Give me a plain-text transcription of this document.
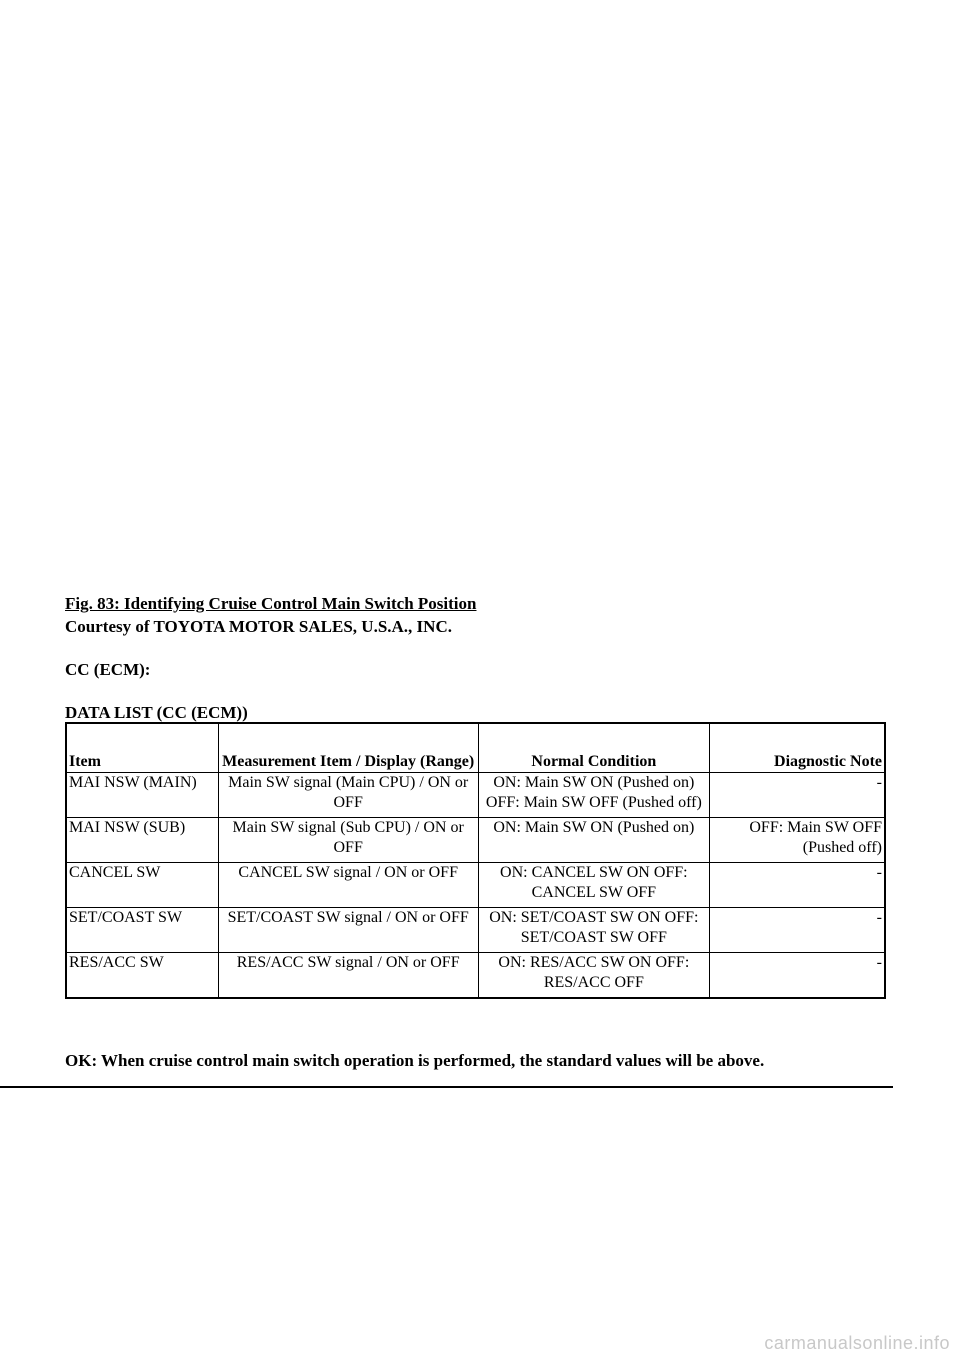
Fig. 83: Identifying Cruise Control Main Switch Position

Courtesy of TOYOTA MOTOR SALES, U.S.A., INC.

CC (ECM):

DATA LIST (CC (ECM))

Item	Measurement Item / Display (Range)	Normal Condition	Diagnostic Note
MAI NSW (MAIN)	Main SW signal (Main CPU) / ON or OFF	ON: Main SW ON (Pushed on) OFF: Main SW OFF (Pushed off)	-
MAI NSW (SUB)	Main SW signal (Sub CPU) / ON or OFF	ON: Main SW ON (Pushed on)	OFF: Main SW OFF (Pushed off)
CANCEL SW	CANCEL SW signal / ON or OFF	ON: CANCEL SW ON OFF: CANCEL SW OFF	-
SET/COAST SW	SET/COAST SW signal / ON or OFF	ON: SET/COAST SW ON OFF: SET/COAST SW OFF	-
RES/ACC SW	RES/ACC SW signal / ON or OFF	ON: RES/ACC SW ON OFF: RES/ACC OFF	-

OK: When cruise control main switch operation is performed, the standard values will be above.

carmanualsonline.info
